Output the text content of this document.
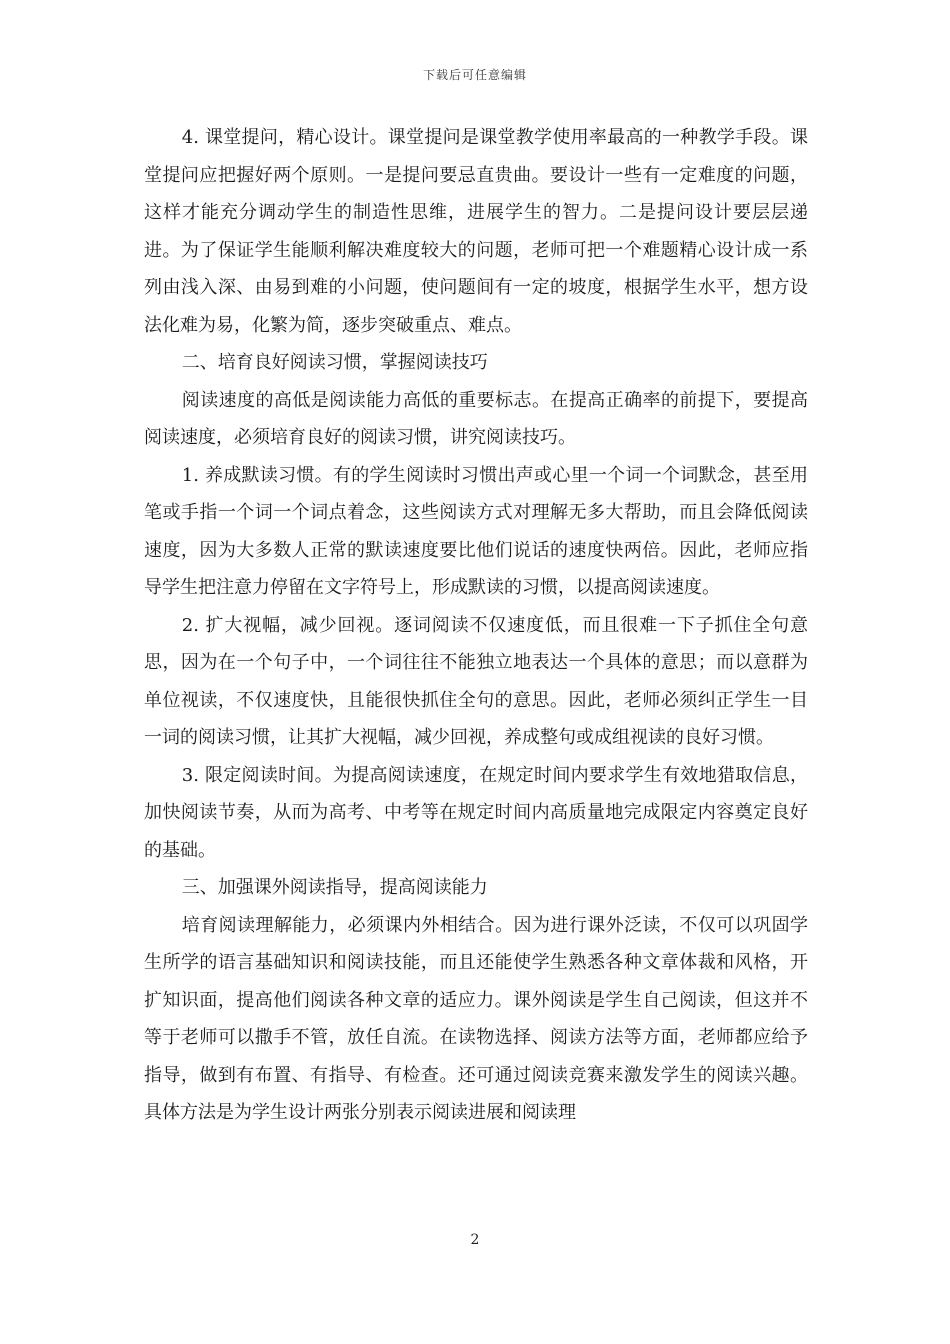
下载后可任意编辑

4. 课堂提问，精心设计。课堂提问是课堂教学使用率最高的一种教学手段。课堂提问应把握好两个原则。一是提问要忌直贵曲。要设计一些有一定难度的问题，这样才能充分调动学生的制造性思维，进展学生的智力。二是提问设计要层层递进。为了保证学生能顺利解决难度较大的问题，老师可把一个难题精心设计成一系列由浅入深、由易到难的小问题，使问题间有一定的坡度，根据学生水平，想方设法化难为易，化繁为简，逐步突破重点、难点。

二、培育良好阅读习惯，掌握阅读技巧

阅读速度的高低是阅读能力高低的重要标志。在提高正确率的前提下，要提高阅读速度，必须培育良好的阅读习惯，讲究阅读技巧。

1. 养成默读习惯。有的学生阅读时习惯出声或心里一个词一个词默念，甚至用笔或手指一个词一个词点着念，这些阅读方式对理解无多大帮助，而且会降低阅读速度，因为大多数人正常的默读速度要比他们说话的速度快两倍。因此，老师应指导学生把注意力停留在文字符号上，形成默读的习惯，以提高阅读速度。

2. 扩大视幅，减少回视。逐词阅读不仅速度低，而且很难一下子抓住全句意思，因为在一个句子中，一个词往往不能独立地表达一个具体的意思；而以意群为单位视读，不仅速度快，且能很快抓住全句的意思。因此，老师必须纠正学生一目一词的阅读习惯，让其扩大视幅，减少回视，养成整句或成组视读的良好习惯。

3. 限定阅读时间。为提高阅读速度，在规定时间内要求学生有效地猎取信息，加快阅读节奏，从而为高考、中考等在规定时间内高质量地完成限定内容奠定良好的基础。

三、加强课外阅读指导，提高阅读能力

培育阅读理解能力，必须课内外相结合。因为进行课外泛读，不仅可以巩固学生所学的语言基础知识和阅读技能，而且还能使学生熟悉各种文章体裁和风格，开扩知识面，提高他们阅读各种文章的适应力。课外阅读是学生自己阅读，但这并不等于老师可以撒手不管，放任自流。在读物选择、阅读方法等方面，老师都应给予指导，做到有布置、有指导、有检查。还可通过阅读竞赛来激发学生的阅读兴趣。具体方法是为学生设计两张分别表示阅读进展和阅读理

2
